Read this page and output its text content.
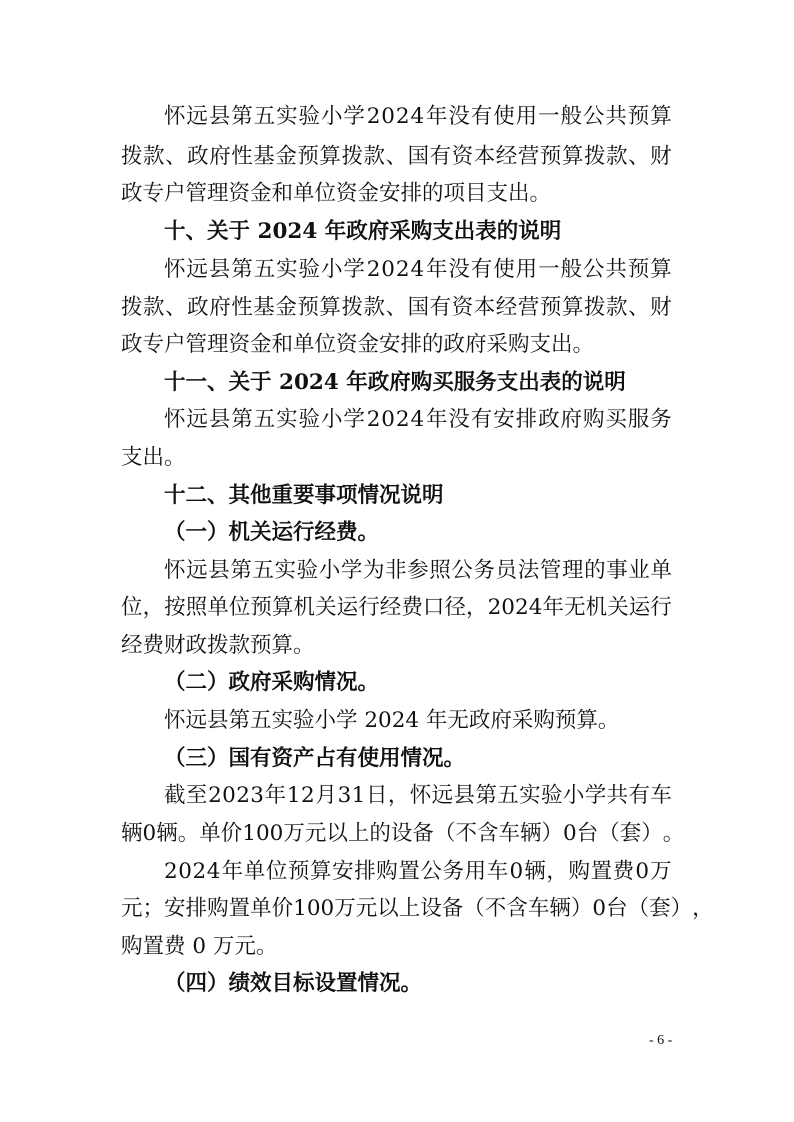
怀 远 县 第 五 实 验 小 学 2 0 2 4 年 没 有 使 用 一 般 公 共 预 算
拨 款 、 政 府 性 基 金 预 算 拨 款 、 国 有 资 本 经 营 预 算 拨 款 、 财
政专户管理资金和单位资金安排的项目支出。
十、关于 2024 年政府采购支出表的说明
怀 远 县 第 五 实 验 小 学 2 0 2 4 年 没 有 使 用 一 般 公 共 预 算
拨 款 、 政 府 性 基 金 预 算 拨 款 、 国 有 资 本 经 营 预 算 拨 款 、 财
政专户管理资金和单位资金安排的政府采购支出。
十一、关于 2024 年政府购买服务支出表的说明
怀 远 县 第 五 实 验 小 学 2 0 2 4 年 没 有 安 排 政 府 购 买 服 务
支出。
十二、其他重要事项情况说明
（一）机关运行经费。
怀 远 县 第 五 实 验 小 学 为 非 参 照 公 务 员 法 管 理 的 事 业 单
位 ， 按 照 单 位 预 算 机 关 运 行 经 费 口 径 ， 2 0 2 4 年 无 机 关 运 行
经费财政拨款预算。
（二）政府采购情况。
怀远县第五实验小学 2024 年无政府采购预算。
（三）国有资产占有使用情况。
截 至 2 0 2 3 年 1 2 月 3 1 日 ， 怀 远 县 第 五 实 验 小 学 共 有 车
辆 0 辆 。 单 价 1 0 0 万 元 以 上 的 设 备 （ 不 含 车 辆 ） 0 台 （ 套 ） 。
2 0 2 4 年 单 位 预 算 安 排 购 置 公 务 用 车 0 辆 ， 购 置 费 0 万
元 ； 安 排 购 置 单 价 1 0 0 万 元 以 上 设 备 （ 不 含 车 辆 ） 0 台 （ 套 ） ，
购置费 0 万元。
（四）绩效目标设置情况。
- 6 -
